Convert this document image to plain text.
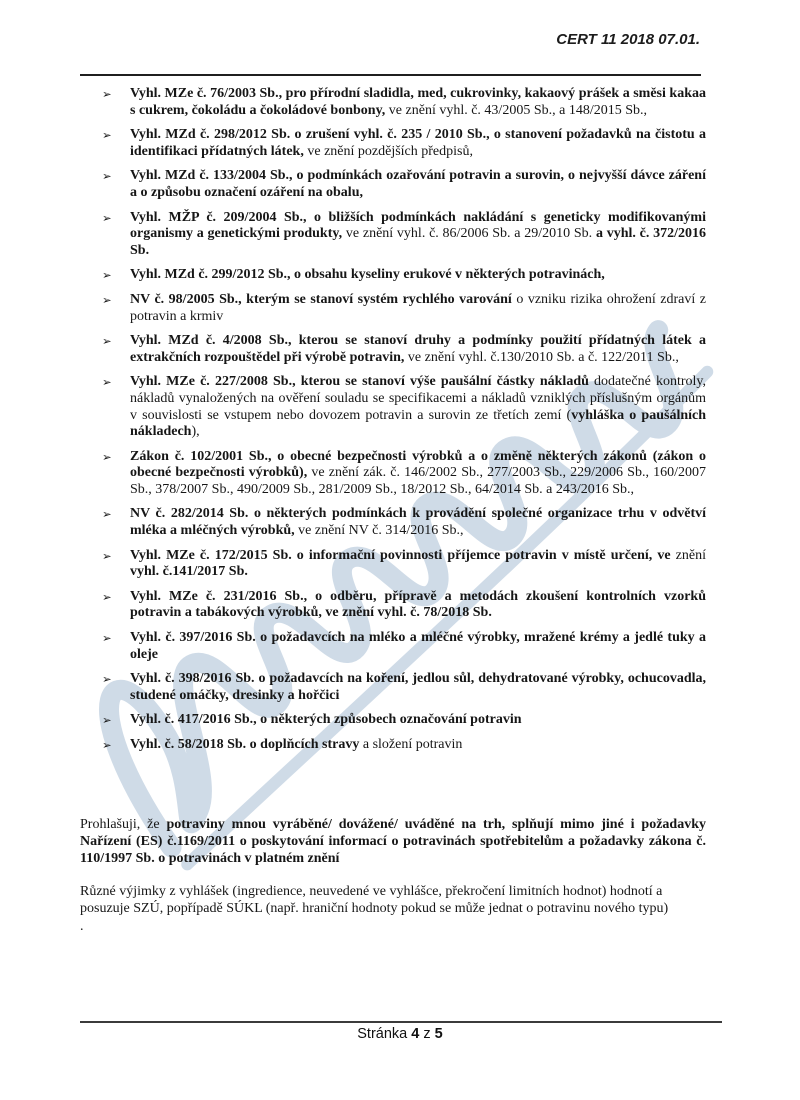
CERT 11 2018 07.01.
➢ Vyhl. MZe č. 76/2003 Sb., pro přírodní sladidla, med, cukrovinky, kakaový prášek a směsi kakaa s cukrem, čokoládu a čokoládové bonbony, ve znění vyhl. č. 43/2005 Sb., a 148/2015 Sb.,
➢ Vyhl. MZd č. 298/2012 Sb. o zrušení vyhl. č. 235 / 2010 Sb., o stanovení požadavků na čistotu a identifikaci přídatných látek, ve znění pozdějších předpisů,
➢ Vyhl. MZd č. 133/2004 Sb., o podmínkách ozařování potravin a surovin, o nejvyšší dávce záření a o způsobu označení ozáření na obalu,
➢ Vyhl. MŽP č. 209/2004 Sb., o bližších podmínkách nakládání s geneticky modifikovanými organismy a genetickými produkty, ve znění vyhl. č. 86/2006 Sb. a 29/2010 Sb. a vyhl. č. 372/2016 Sb.
➢ Vyhl. MZd č. 299/2012 Sb., o obsahu kyseliny erukové v některých potravinách,
➢ NV č. 98/2005 Sb., kterým se stanoví systém rychlého varování o vzniku rizika ohrožení zdraví z potravin a krmiv
➢ Vyhl. MZd č. 4/2008 Sb., kterou se stanoví druhy a podmínky použití přídatných látek a extrakčních rozpouštědel při výrobě potravin, ve znění vyhl. č.130/2010 Sb. a č. 122/2011 Sb.,
➢ Vyhl. MZe č. 227/2008 Sb., kterou se stanoví výše paušální částky nákladů dodatečné kontroly, nákladů vynaložených na ověření souladu se specifikacemi a nákladů vzniklých příslušným orgánům v souvislosti se vstupem nebo dovozem potravin a surovin ze třetích zemí (vyhláška o paušálních nákladech),
➢ Zákon č. 102/2001 Sb., o obecné bezpečnosti výrobků a o změně některých zákonů (zákon o obecné bezpečnosti výrobků), ve znění zák. č. 146/2002 Sb., 277/2003 Sb., 229/2006 Sb., 160/2007 Sb., 378/2007 Sb., 490/2009 Sb., 281/2009 Sb., 18/2012 Sb., 64/2014 Sb. a 243/2016 Sb.,
➢ NV č. 282/2014 Sb. o některých podmínkách k provádění společné organizace trhu v odvětví mléka a mléčných výrobků, ve znění NV č. 314/2016 Sb.,
➢ Vyhl. MZe č. 172/2015 Sb. o informační povinnosti příjemce potravin v místě určení, ve znění vyhl. č.141/2017 Sb.
➢ Vyhl. MZe č. 231/2016 Sb., o odběru, přípravě a metodách zkoušení kontrolních vzorků potravin a tabákových výrobků, ve znění vyhl. č. 78/2018 Sb.
➢ Vyhl. č. 397/2016 Sb. o požadavcích na mléko a mléčné výrobky, mražené krémy a jedlé tuky a oleje
➢ Vyhl. č. 398/2016 Sb. o požadavcích na koření, jedlou sůl, dehydratované výrobky, ochucovadla, studené omáčky, dresinky a hořčici
➢ Vyhl. č. 417/2016 Sb., o některých způsobech označování potravin
➢ Vyhl. č. 58/2018 Sb. o doplňcích stravy a složení potravin

Prohlašuji, že potraviny mnou vyráběné/ dovážené/ uváděné na trh, splňují mimo jiné i požadavky Nařízení (ES) č.1169/2011 o poskytování informací o potravinách spotřebitelům a požadavky zákona č. 110/1997 Sb. o potravinách v platném znění

Různé výjimky z vyhlášek (ingredience, neuvedené ve vyhlášce, překročení limitních hodnot) hodnotí a posuzuje SZÚ, popřípadě SÚKL (např. hraniční hodnoty pokud se může jednat o potravinu nového typu)

.

Stránka 4 z 5
